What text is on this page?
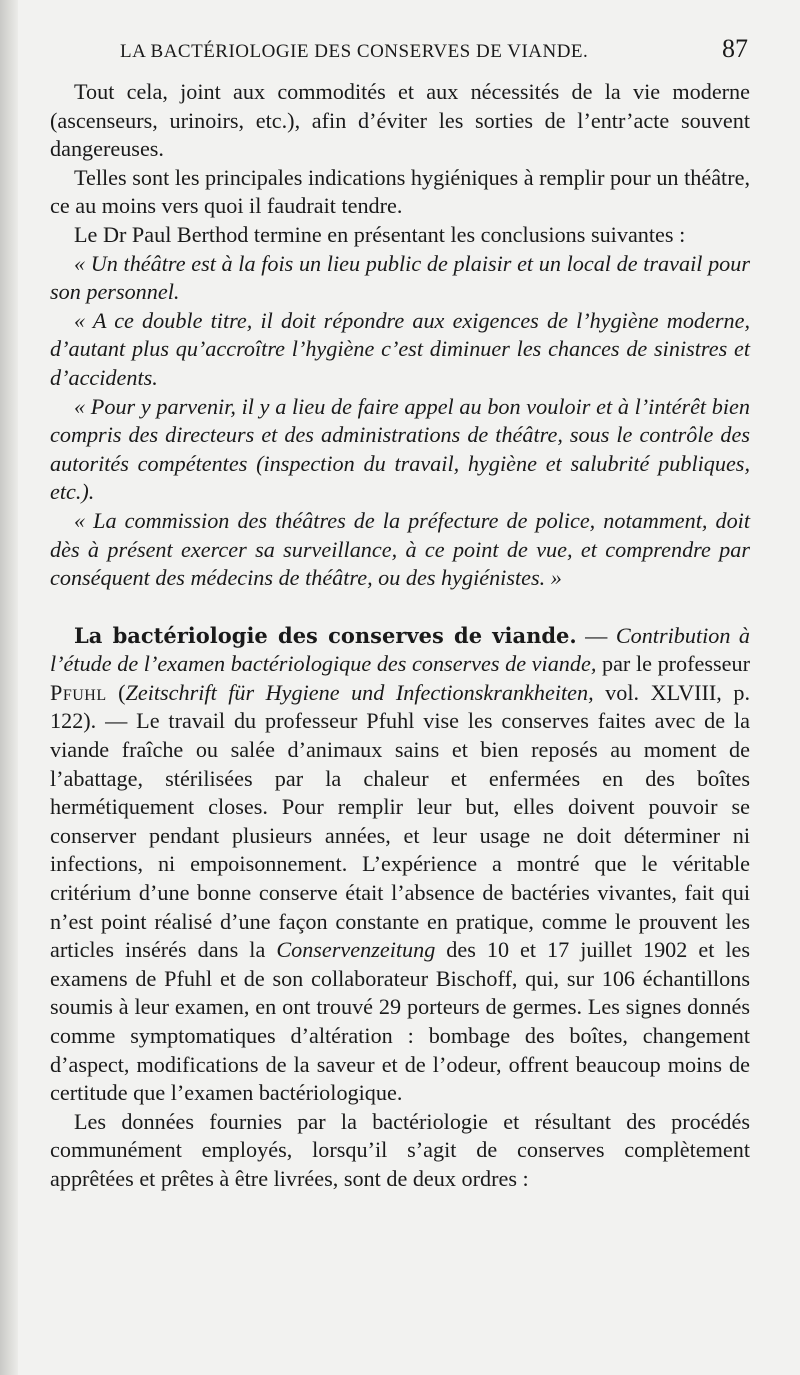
LA BACTÉRIOLOGIE DES CONSERVES DE VIANDE.	87

Tout cela, joint aux commodités et aux nécessités de la vie moderne (ascenseurs, urinoirs, etc.), afin d’éviter les sorties de l’entr’acte souvent dangereuses.

Telles sont les principales indications hygiéniques à remplir pour un théâtre, ce au moins vers quoi il faudrait tendre.

Le Dr Paul Berthod termine en présentant les conclusions suivantes :

« Un théâtre est à la fois un lieu public de plaisir et un local de travail pour son personnel.

« A ce double titre, il doit répondre aux exigences de l’hygiène moderne, d’autant plus qu’accroître l’hygiène c’est diminuer les chances de sinistres et d’accidents.

« Pour y parvenir, il y a lieu de faire appel au bon vouloir et à l’intérêt bien compris des directeurs et des administrations de théâtre, sous le contrôle des autorités compétentes (inspection du travail, hygiène et salubrité publiques, etc.).

« La commission des théâtres de la préfecture de police, notamment, doit dès à présent exercer sa surveillance, à ce point de vue, et comprendre par conséquent des médecins de théâtre, ou des hygiénistes. »

La bactériologie des conserves de viande. — Contribution à l’étude de l’examen bactériologique des conserves de viande, par le professeur Pfuhl (Zeitschrift für Hygiene und Infectionskrankheiten, vol. XLVIII, p. 122). — Le travail du professeur Pfuhl vise les conserves faites avec de la viande fraîche ou salée d’animaux sains et bien reposés au moment de l’abattage, stérilisées par la chaleur et enfermées en des boîtes hermétiquement closes. Pour remplir leur but, elles doivent pouvoir se conserver pendant plusieurs années, et leur usage ne doit déterminer ni infections, ni empoisonnement. L’expérience a montré que le véritable critérium d’une bonne conserve était l’absence de bactéries vivantes, fait qui n’est point réalisé d’une façon constante en pratique, comme le prouvent les articles insérés dans la Conservenzeitung des 10 et 17 juillet 1902 et les examens de Pfuhl et de son collaborateur Bischoff, qui, sur 106 échantillons soumis à leur examen, en ont trouvé 29 porteurs de germes. Les signes donnés comme symptomatiques d’altération : bombage des boîtes, changement d’aspect, modifications de la saveur et de l’odeur, offrent beaucoup moins de certitude que l’examen bactériologique.

Les données fournies par la bactériologie et résultant des procédés communément employés, lorsqu’il s’agit de conserves complètement apprêtées et prêtes à être livrées, sont de deux ordres :
